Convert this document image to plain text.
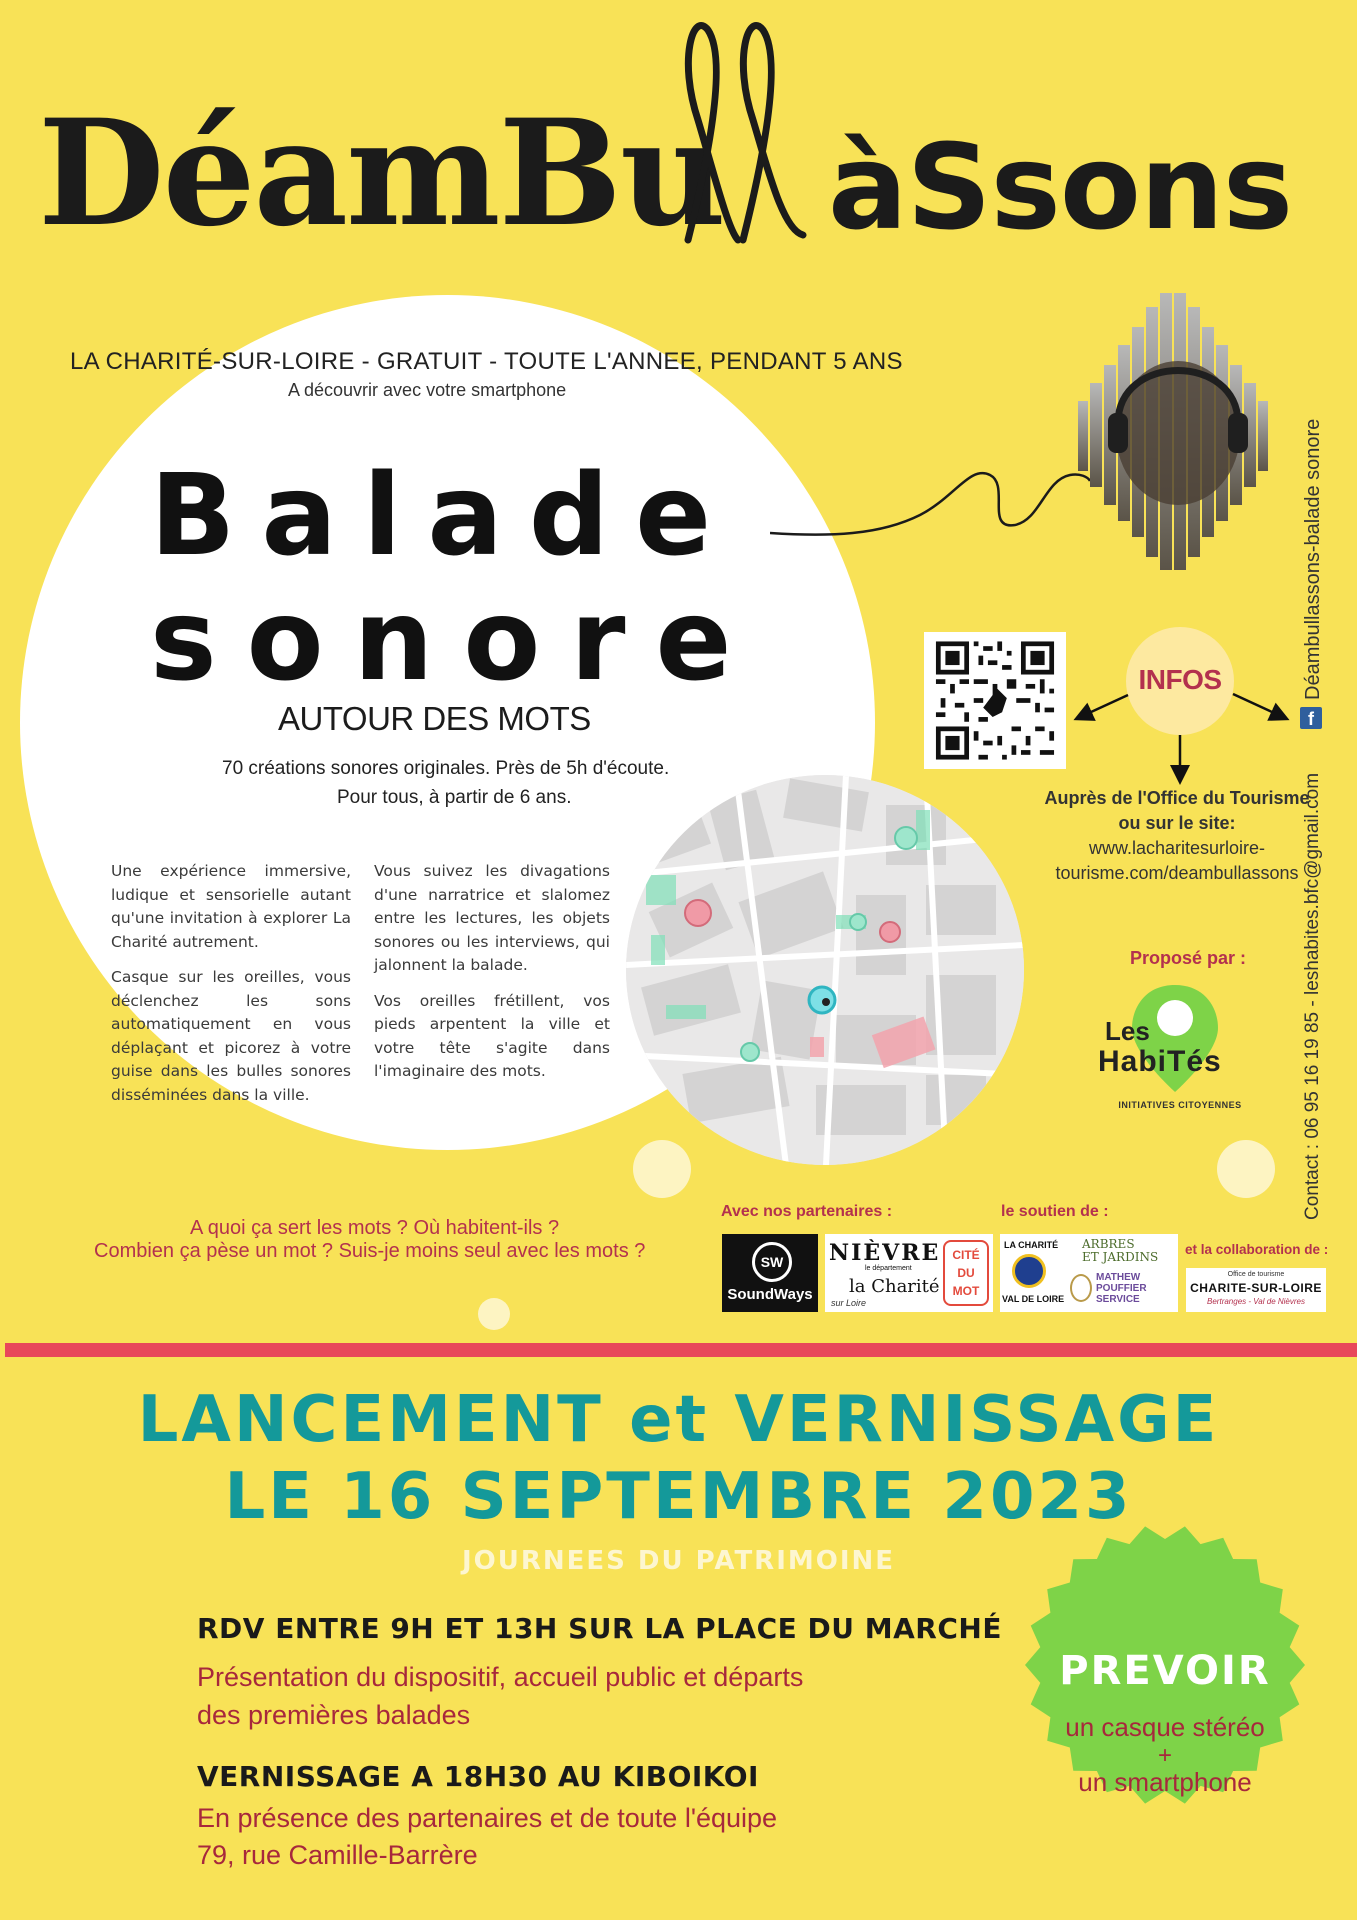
DéamBu àSsons
LA CHARITÉ-SUR-LOIRE - GRATUIT - TOUTE L'ANNEE, PENDANT 5 ANS
A découvrir avec votre smartphone
Balade
sonore
AUTOUR DES MOTS
70 créations sonores originales. Près de 5h d'écoute.
Pour tous, à partir de 6 ans.

Une expérience immersive, ludique et sensorielle autant qu'une invitation à explorer La Charité autrement.

Casque sur les oreilles, vous déclenchez les sons automatiquement en vous déplaçant et picorez à votre guise dans les bulles sonores disséminées dans la ville.

Vous suivez les divagations d'une narratrice et slalomez entre les lectures, les objets sonores ou les interviews, qui jalonnent la balade.

Vos oreilles frétillent, vos pieds arpentent la ville et votre tête s'agite dans l'imaginaire des mots.

INFOS
Auprès de l'Office du Tourisme
ou sur le site:
www.lacharitesurloire-
tourisme.com/deambullassons
f
Déambullassons-balade sonore
Contact : 06 95 16 19 85 - leshabites.bfc@gmail.com
Proposé par :
Les
HabiTés
INITIATIVES CITOYENNES
A quoi ça sert les mots ? Où habitent-ils ?
Combien ça pèse un mot ? Suis-je moins seul avec les mots ?
Avec nos partenaires :	le soutien de :
et la collaboration de :
SW
SoundWays
NIÈVRE
le département
la Charité
sur Loire
CITÉ
DU
MOT
LA CHARITÉ
VAL DE LOIRE
ARBRES
ET JARDINS
MATHEW
POUFFIER
SERVICE
Office de tourisme
CHARITE-SUR-LOIRE
Bertranges - Val de Nièvres
LANCEMENT et VERNISSAGE
LE 16 SEPTEMBRE 2023
JOURNEES DU PATRIMOINE
RDV ENTRE 9H ET 13H SUR LA PLACE DU MARCHÉ
Présentation du dispositif, accueil public et départs
des premières balades
VERNISSAGE A 18H30 AU KIBOIKOI
En présence des partenaires et de toute l'équipe
79, rue Camille-Barrère
PREVOIR
un casque stéréo
+
un smartphone
